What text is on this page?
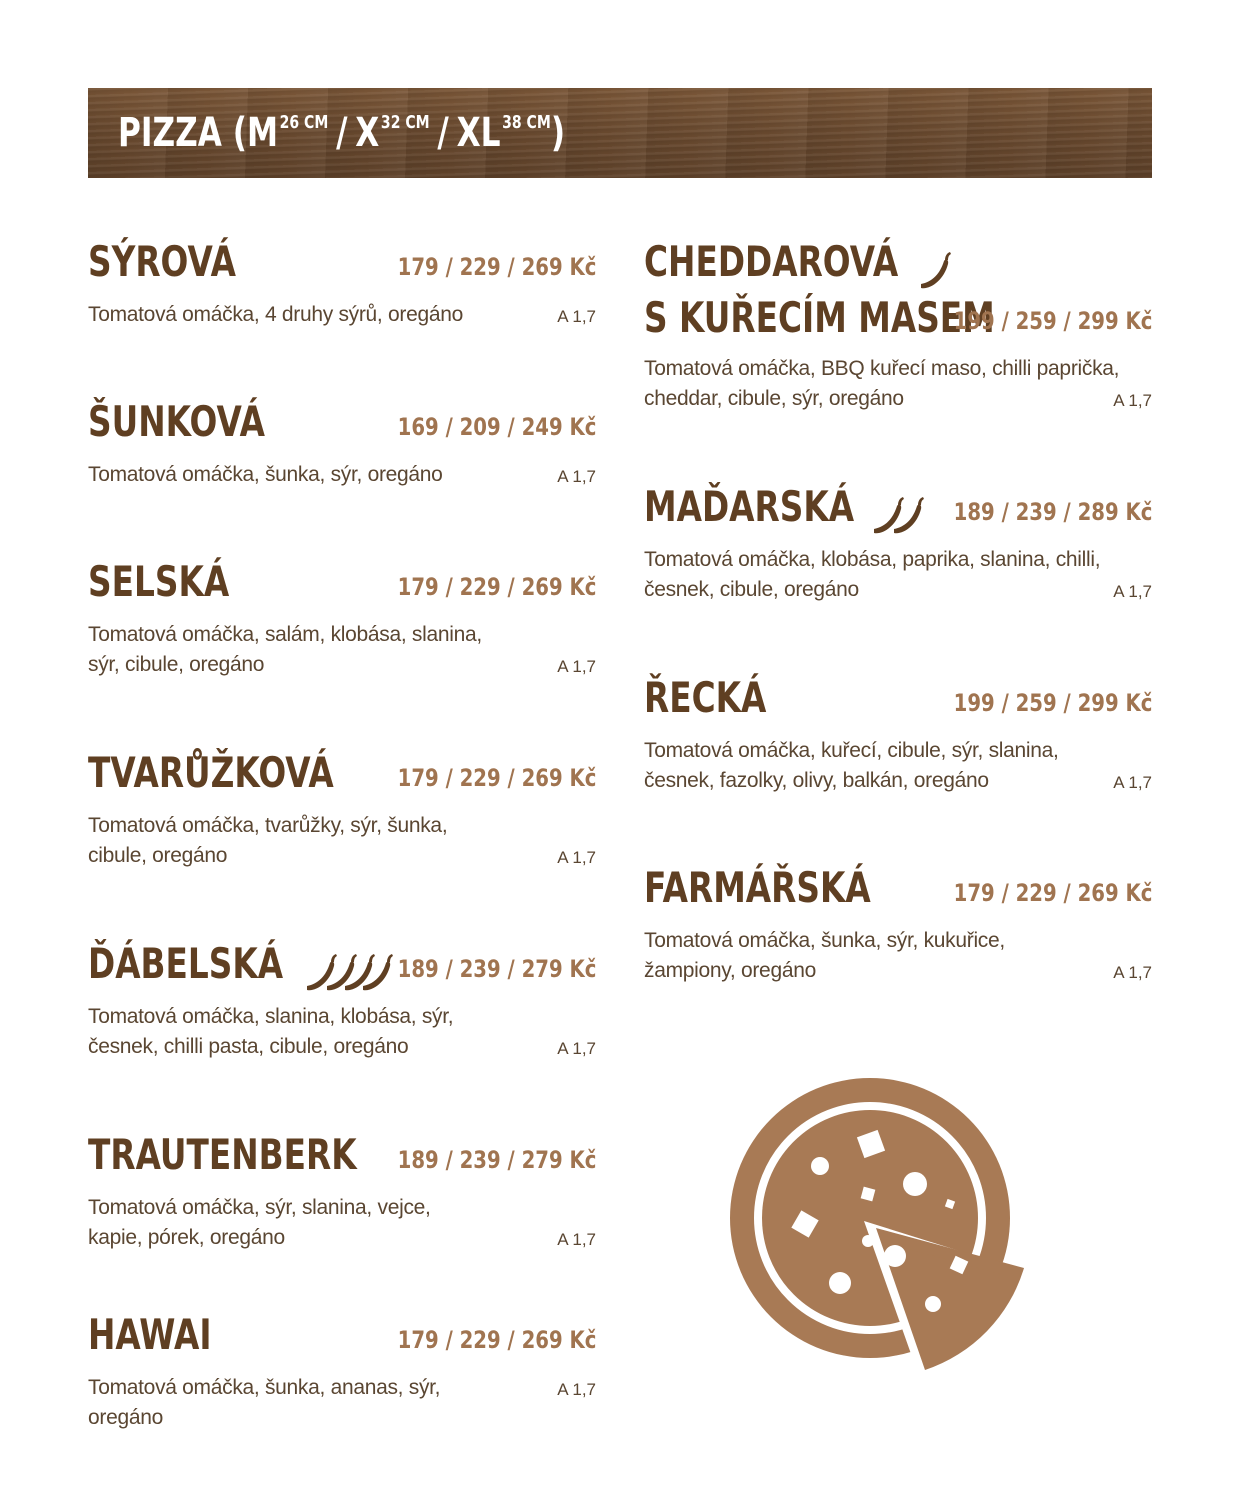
PIZZA $(M^{26 CM} / X^{32 CM} / XL^{38 CM})$
SÝROVÁ	179 / 229 / 269 Kč
Tomatová omáčka, 4 druhy sýrů, oregáno	A 1,7
ŠUNKOVÁ	169 / 209 / 249 Kč
Tomatová omáčka, šunka, sýr, oregáno	A 1,7
SELSKÁ	179 / 229 / 269 Kč
Tomatová omáčka, salám, klobása, slanina,
sýr, cibule, oregáno	A 1,7
TVARŮŽKOVÁ	179 / 229 / 269 Kč
Tomatová omáčka, tvarůžky, sýr, šunka,
cibule, oregáno	A 1,7
ĎÁBELSKÁ	189 / 239 / 279 Kč
Tomatová omáčka, slanina, klobása, sýr,
česnek, chilli pasta, cibule, oregáno	A 1,7
TRAUTENBERK	189 / 239 / 279 Kč
Tomatová omáčka, sýr, slanina, vejce,
kapie, pórek, oregáno	A 1,7
HAWAI	179 / 229 / 269 Kč
Tomatová omáčka, šunka, ananas, sýr, oregáno
A 1,7
CHEDDAROVÁ
S KUŘECÍM MASEM
199 / 259 / 299 Kč
Tomatová omáčka, BBQ kuřecí maso, chilli paprička,
cheddar, cibule, sýr, oregáno	A 1,7
MAĎARSKÁ	189 / 239 / 289 Kč
Tomatová omáčka, klobása, paprika, slanina, chilli,
česnek, cibule, oregáno	A 1,7
ŘECKÁ	199 / 259 / 299 Kč
Tomatová omáčka, kuřecí, cibule, sýr, slanina,
česnek, fazolky, olivy, balkán, oregáno	A 1,7
FARMÁŘSKÁ	179 / 229 / 269 Kč
Tomatová omáčka, šunka, sýr, kukuřice,
žampiony, oregáno	A 1,7
